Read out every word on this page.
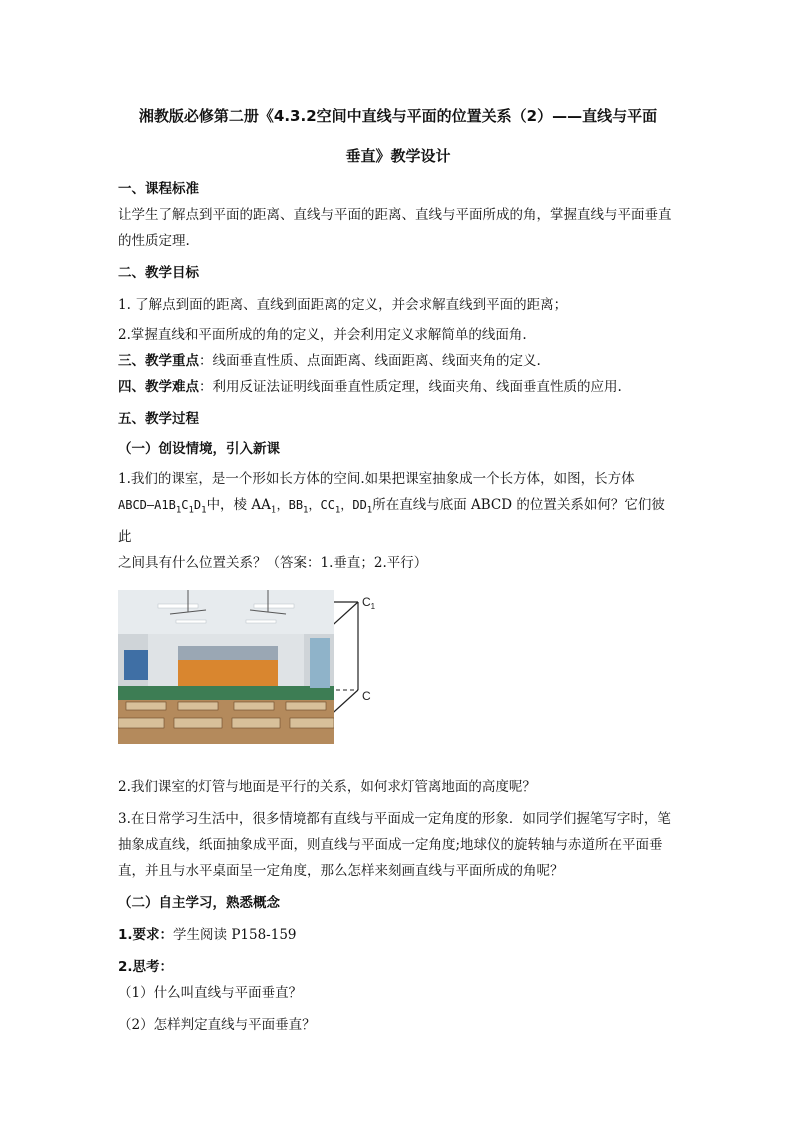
湘教版必修第二册《4.3.2空间中直线与平面的位置关系（2）——直线与平面
垂直》教学设计

一、课程标准

让学生了解点到平面的距离、直线与平面的距离、直线与平面所成的角，掌握直线与平面垂直的性质定理.

二、教学目标

1. 了解点到面的距离、直线到面距离的定义，并会求解直线到平面的距离；

2.掌握直线和平面所成的角的定义，并会利用定义求解简单的线面角.

三、教学重点：线面垂直性质、点面距离、线面距离、线面夹角的定义.

四、教学难点：利用反证法证明线面垂直性质定理，线面夹角、线面垂直性质的应用.

五、教学过程

（一）创设情境，引入新课

1.我们的课室，是一个形如长方体的空间.如果把课室抽象成一个长方体，如图，长方体

$ABCD—A1B_1C_1D_1$中，棱 $AA_1$，$BB_1$，$CC_1$，$DD_1$所在直线与底面 ABCD 的位置关系如何？它们彼此

之间具有什么位置关系？（答案：1.垂直；2.平行）

$C_1$
C

2.我们课室的灯管与地面是平行的关系，如何求灯管离地面的高度呢？

3.在日常学习生活中，很多情境都有直线与平面成一定角度的形象．如同学们握笔写字时，笔抽象成直线，纸面抽象成平面，则直线与平面成一定角度;地球仪的旋转轴与赤道所在平面垂直，并且与水平桌面呈一定角度，那么怎样来刻画直线与平面所成的角呢？

（二）自主学习，熟悉概念

1.要求：学生阅读 P158-159

2.思考：

（1）什么叫直线与平面垂直？

（2）怎样判定直线与平面垂直？
